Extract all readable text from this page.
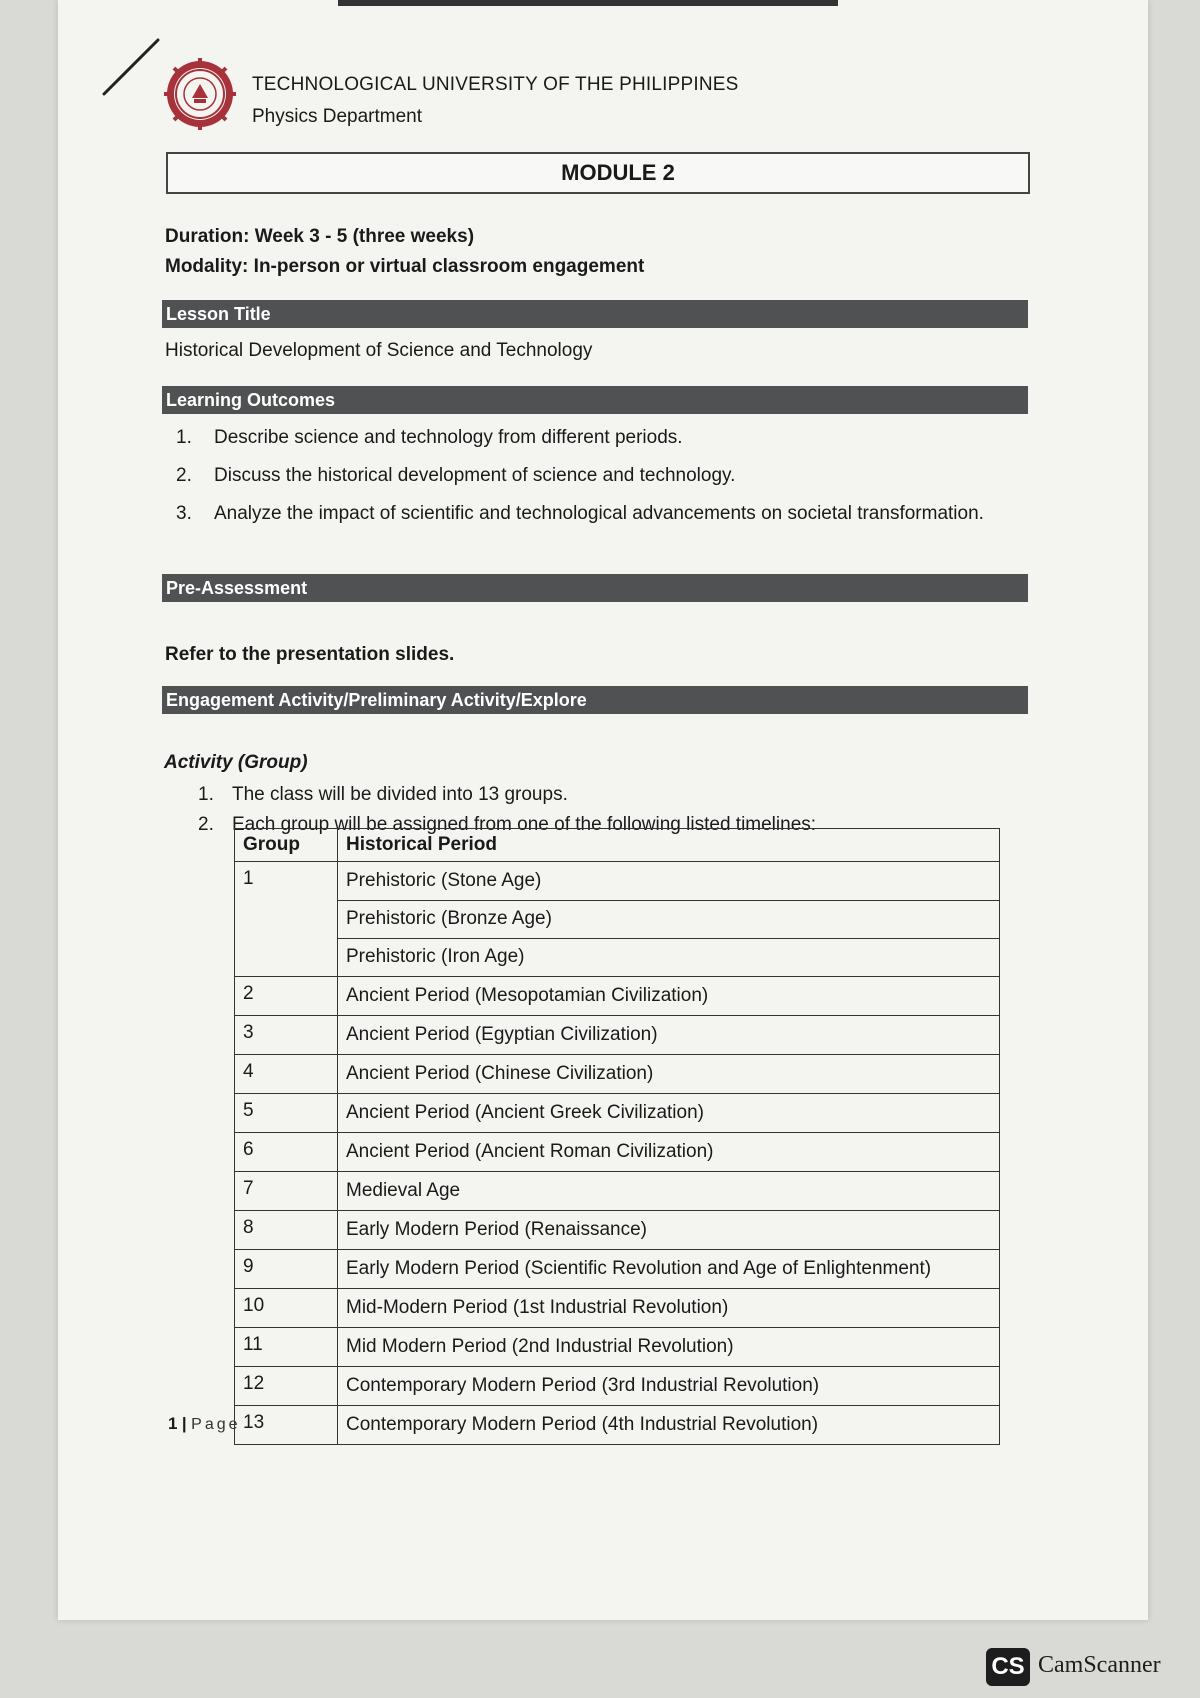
TECHNOLOGICAL UNIVERSITY OF THE PHILIPPINES
Physics Department
MODULE 2
Duration: Week 3 - 5 (three weeks)
Modality: In-person or virtual classroom engagement
Lesson Title
Historical Development of Science and Technology
Learning Outcomes
1.	Describe science and technology from different periods.
2.	Discuss the historical development of science and technology.
3.	Analyze the impact of scientific and technological advancements on societal transformation.
Pre-Assessment
Refer to the presentation slides.
Engagement Activity/Preliminary Activity/Explore
Activity (Group)
1. The class will be divided into 13 groups.
2. Each group will be assigned from one of the following listed timelines:
Group	Historical Period
1	Prehistoric (Stone Age)
	Prehistoric (Bronze Age)
	Prehistoric (Iron Age)
2	Ancient Period (Mesopotamian Civilization)
3	Ancient Period (Egyptian Civilization)
4	Ancient Period (Chinese Civilization)
5	Ancient Period (Ancient Greek Civilization)
6	Ancient Period (Ancient Roman Civilization)
7	Medieval Age
8	Early Modern Period (Renaissance)
9	Early Modern Period (Scientific Revolution and Age of Enlightenment)
10	Mid-Modern Period (1st Industrial Revolution)
11	Mid Modern Period (2nd Industrial Revolution)
12	Contemporary Modern Period (3rd Industrial Revolution)
13	Contemporary Modern Period (4th Industrial Revolution)
1 | Page
CS CamScanner
